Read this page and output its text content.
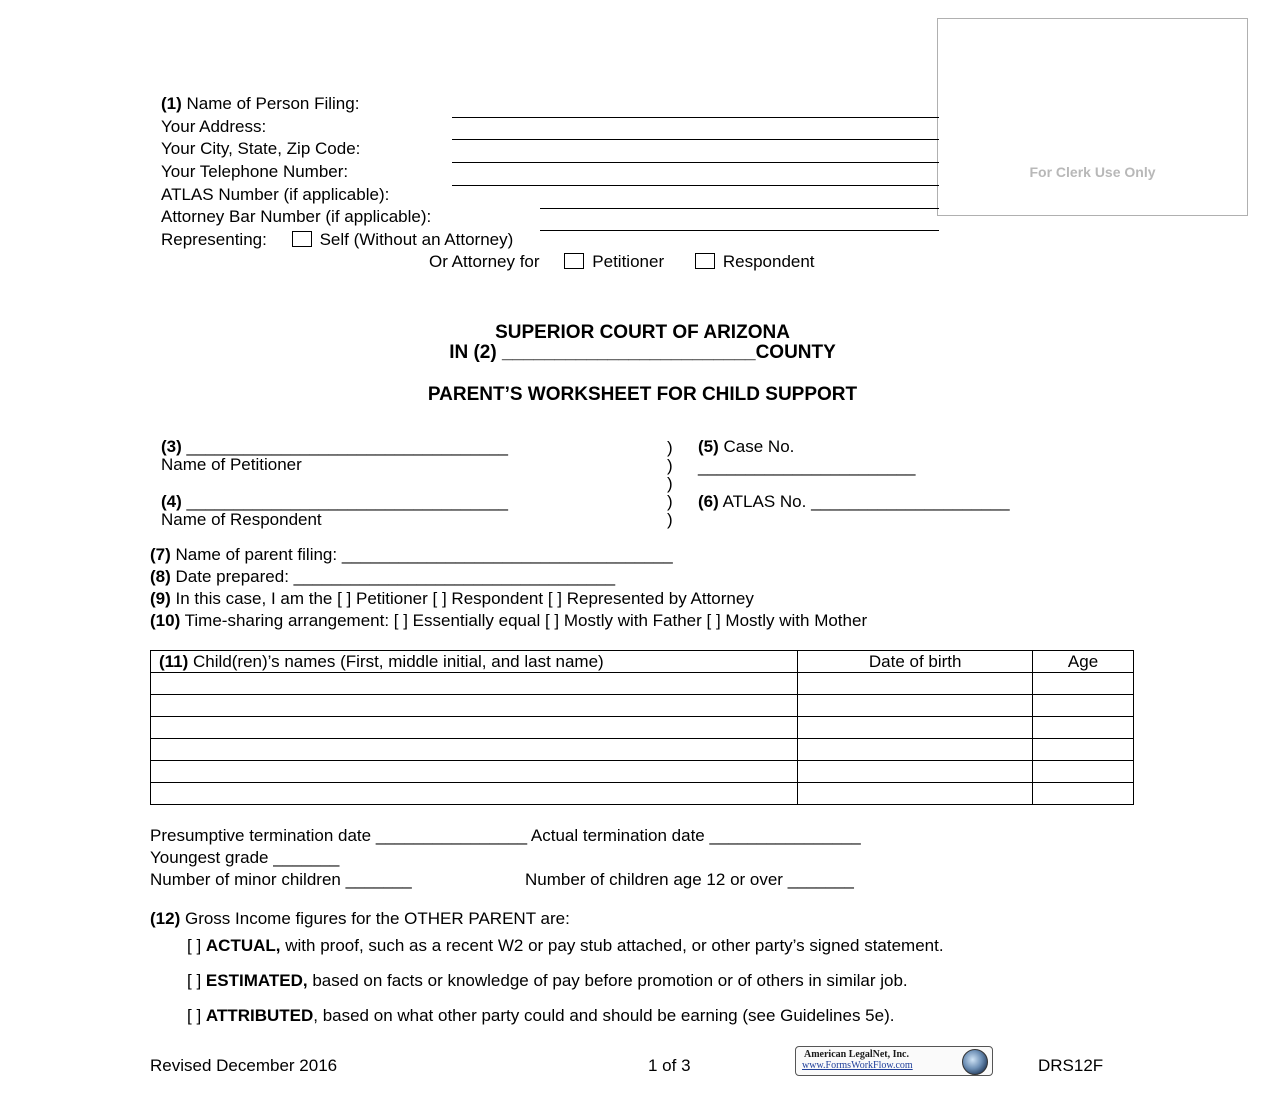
For Clerk Use Only
(1) Name of Person Filing:
Your Address:
Your City, State, Zip Code:
Your Telephone Number:
ATLAS Number (if applicable):
Attorney Bar Number (if applicable):
Representing:	Self (Without an Attorney)
Or Attorney for	Petitioner	Respondent
SUPERIOR COURT OF ARIZONA
IN (2) ________________________COUNTY
PARENT’S WORKSHEET FOR CHILD SUPPORT
(3) __________________________________
Name of Petitioner
(4) __________________________________
Name of Respondent
)
)
)
)
)
(5) Case No.
_______________________
(6) ATLAS No. _____________________
(7) Name of parent filing: ___________________________________
(8) Date prepared: __________________________________
(9) In this case, I am the [ ] Petitioner [ ] Respondent [ ] Represented by Attorney
(10) Time-sharing arrangement: [ ] Essentially equal [ ] Mostly with Father [ ] Mostly with Mother
(11) Child(ren)’s names (First, middle initial, and last name)	Date of birth	Age

Presumptive termination date ________________ Actual termination date ________________
Youngest grade _______
Number of minor children _______	Number of children age 12 or over _______
(12) Gross Income figures for the OTHER PARENT are:
[ ] ACTUAL, with proof, such as a recent W2 or pay stub attached, or other party’s signed statement.
[ ] ESTIMATED, based on facts or knowledge of pay before promotion or of others in similar job.
[ ] ATTRIBUTED, based on what other party could and should be earning (see Guidelines 5e).
Revised December 2016	1 of 3
American LegalNet, Inc.
www.FormsWorkFlow.com	DRS12F
